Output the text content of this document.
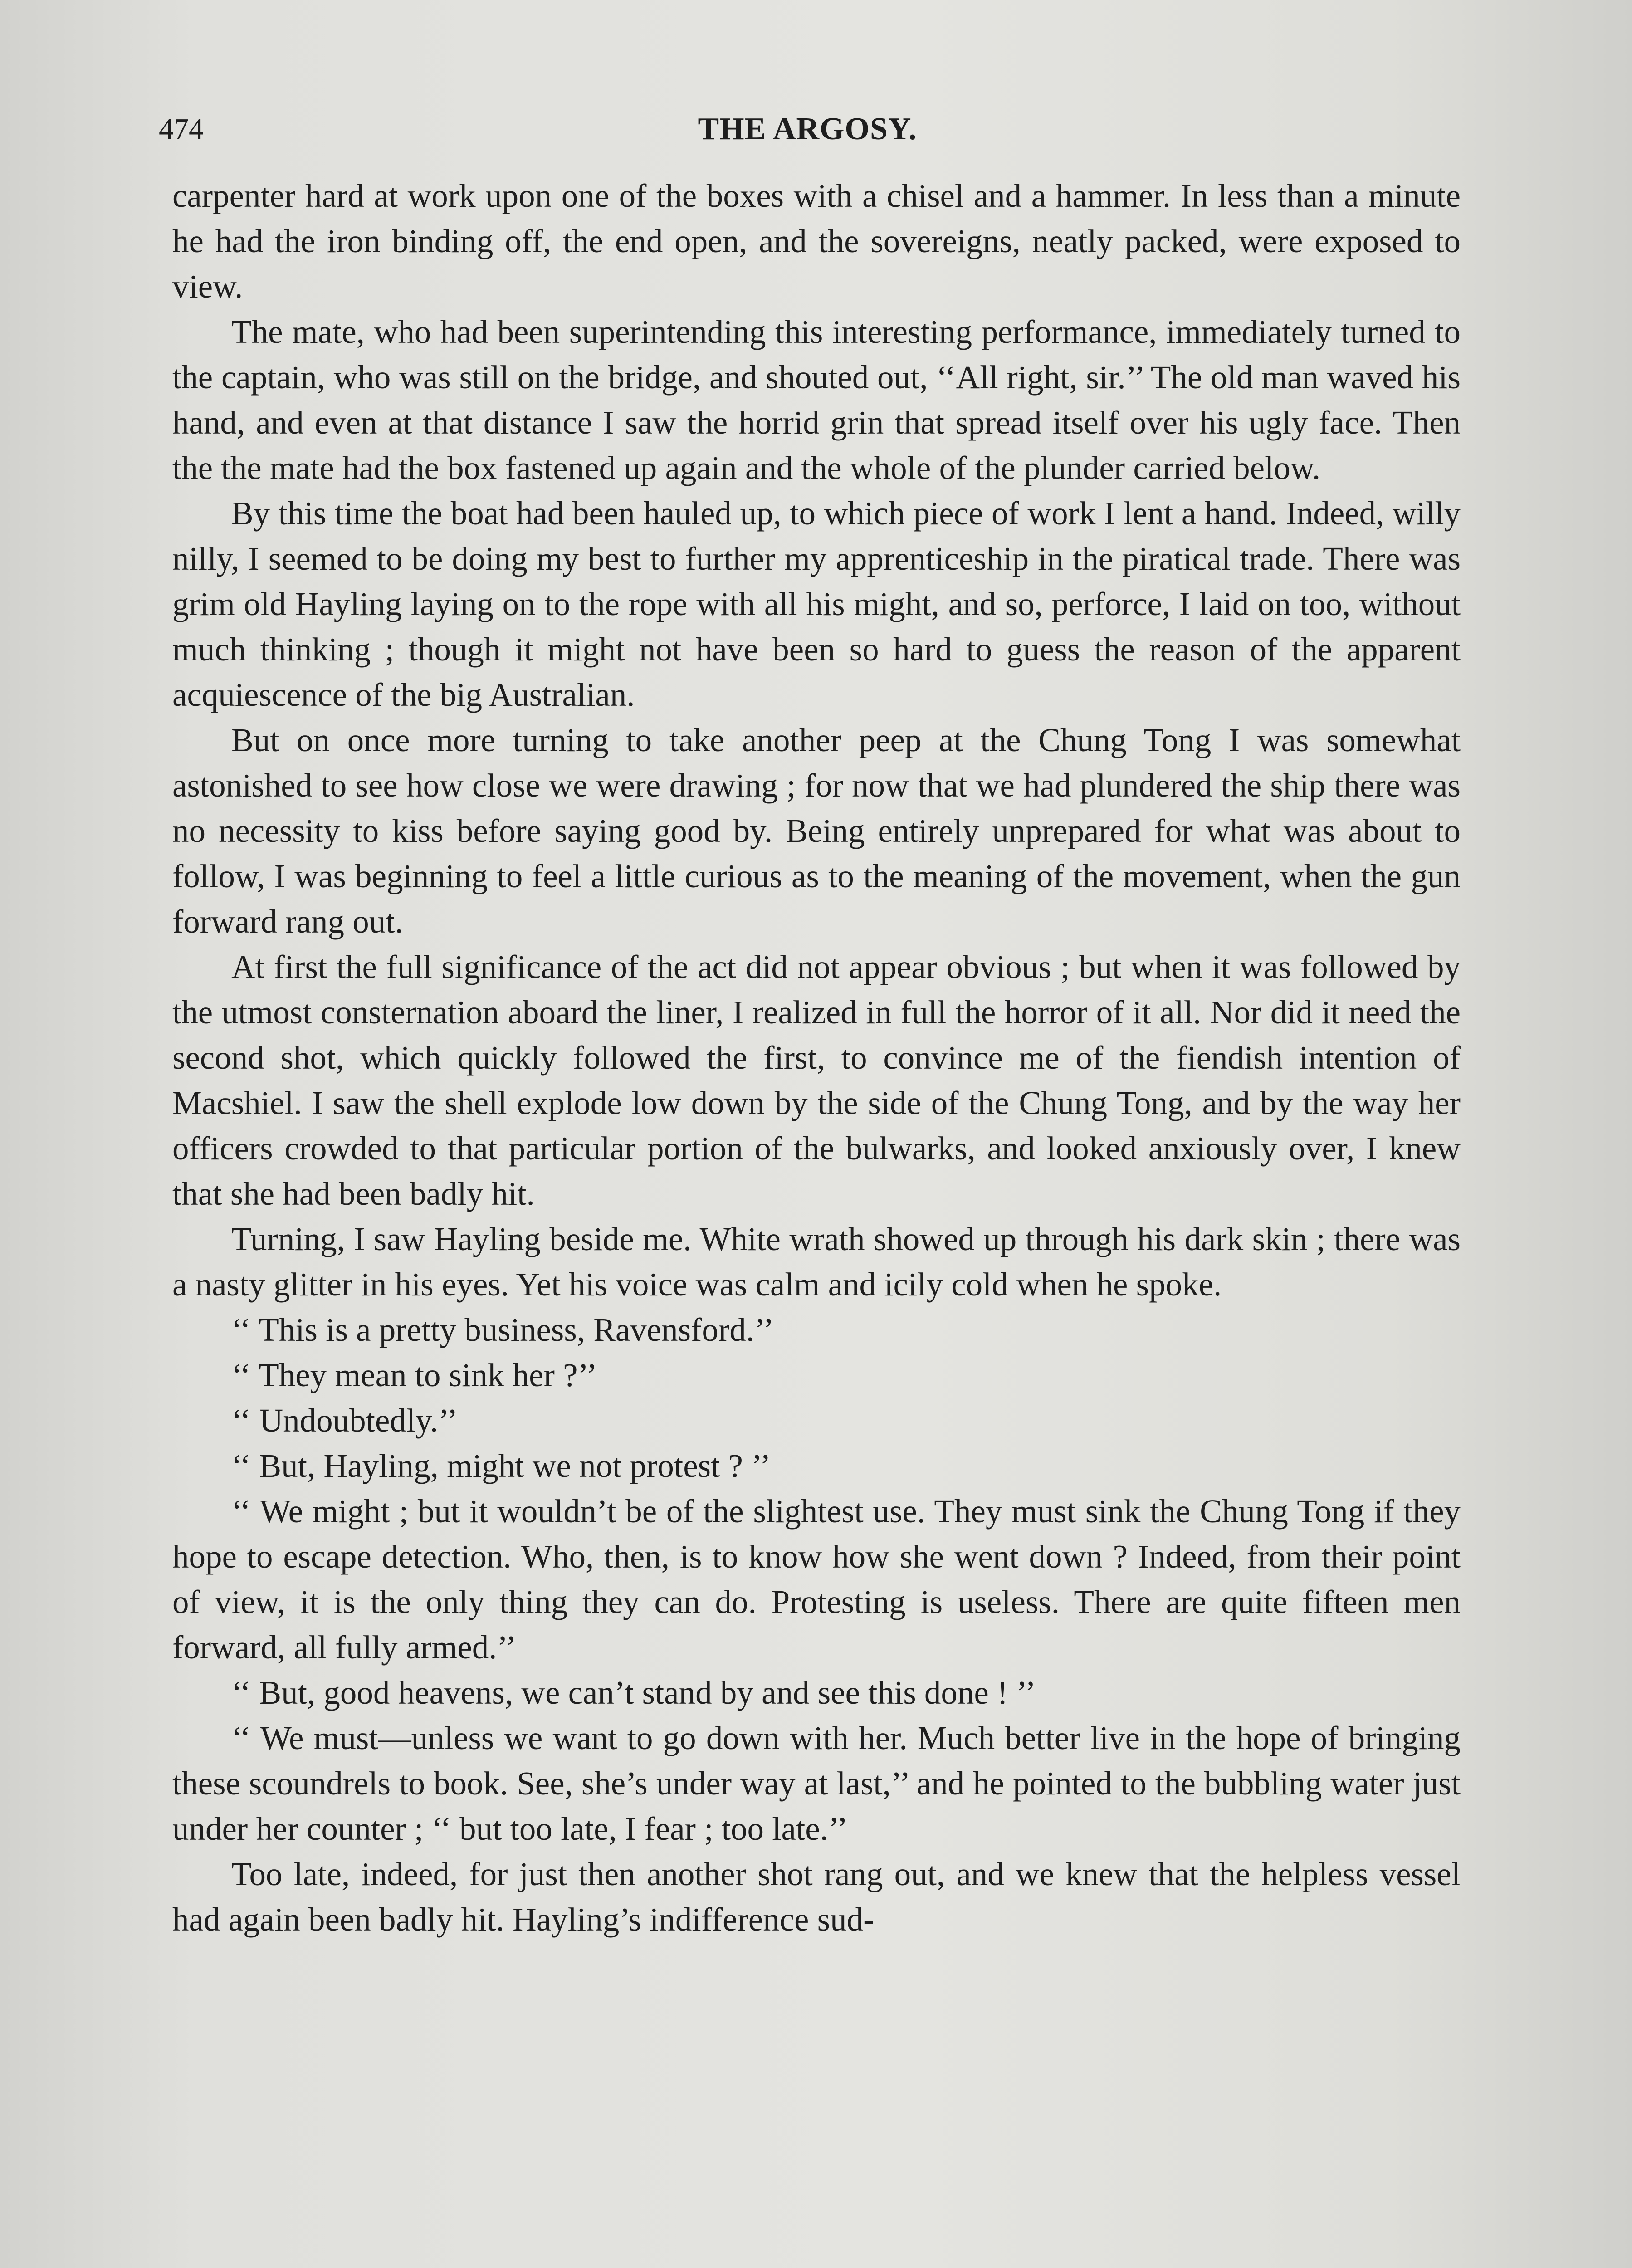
474	THE ARGOSY.

carpenter hard at work upon one of the boxes with a chisel and a hammer. In less than a minute he had the iron binding off, the end open, and the sovereigns, neatly packed, were exposed to view.

The mate, who had been superintending this interesting performance, immediately turned to the captain, who was still on the bridge, and shouted out, ‘‘All right, sir.’’ The old man waved his hand, and even at that distance I saw the horrid grin that spread itself over his ugly face. Then the the mate had the box fastened up again and the whole of the plunder carried below.

By this time the boat had been hauled up, to which piece of work I lent a hand. Indeed, willy nilly, I seemed to be doing my best to further my apprenticeship in the piratical trade. There was grim old Hayling laying on to the rope with all his might, and so, perforce, I laid on too, without much thinking ; though it might not have been so hard to guess the reason of the apparent acquiescence of the big Australian.

But on once more turning to take another peep at the Chung Tong I was somewhat astonished to see how close we were drawing ; for now that we had plundered the ship there was no necessity to kiss before saying good by. Being entirely unprepared for what was about to follow, I was beginning to feel a little curious as to the meaning of the movement, when the gun forward rang out.

At first the full significance of the act did not appear obvious ; but when it was followed by the utmost consternation aboard the liner, I realized in full the horror of it all. Nor did it need the second shot, which quickly followed the first, to convince me of the fiendish intention of Macshiel. I saw the shell explode low down by the side of the Chung Tong, and by the way her officers crowded to that particular portion of the bulwarks, and looked anxiously over, I knew that she had been badly hit.

Turning, I saw Hayling beside me. White wrath showed up through his dark skin ; there was a nasty glitter in his eyes. Yet his voice was calm and icily cold when he spoke.

‘‘ This is a pretty business, Ravensford.’’

‘‘ They mean to sink her ?’’

‘‘ Undoubtedly.’’

‘‘ But, Hayling, might we not protest ? ’’

‘‘ We might ; but it wouldn’t be of the slightest use. They must sink the Chung Tong if they hope to escape detection. Who, then, is to know how she went down ? Indeed, from their point of view, it is the only thing they can do. Protesting is useless. There are quite fifteen men forward, all fully armed.’’

‘‘ But, good heavens, we can’t stand by and see this done ! ’’

‘‘ We must—unless we want to go down with her. Much better live in the hope of bringing these scoundrels to book. See, she’s under way at last,’’ and he pointed to the bubbling water just under her counter ; ‘‘ but too late, I fear ; too late.’’

Too late, indeed, for just then another shot rang out, and we knew that the helpless vessel had again been badly hit. Hayling’s indifference sud-
